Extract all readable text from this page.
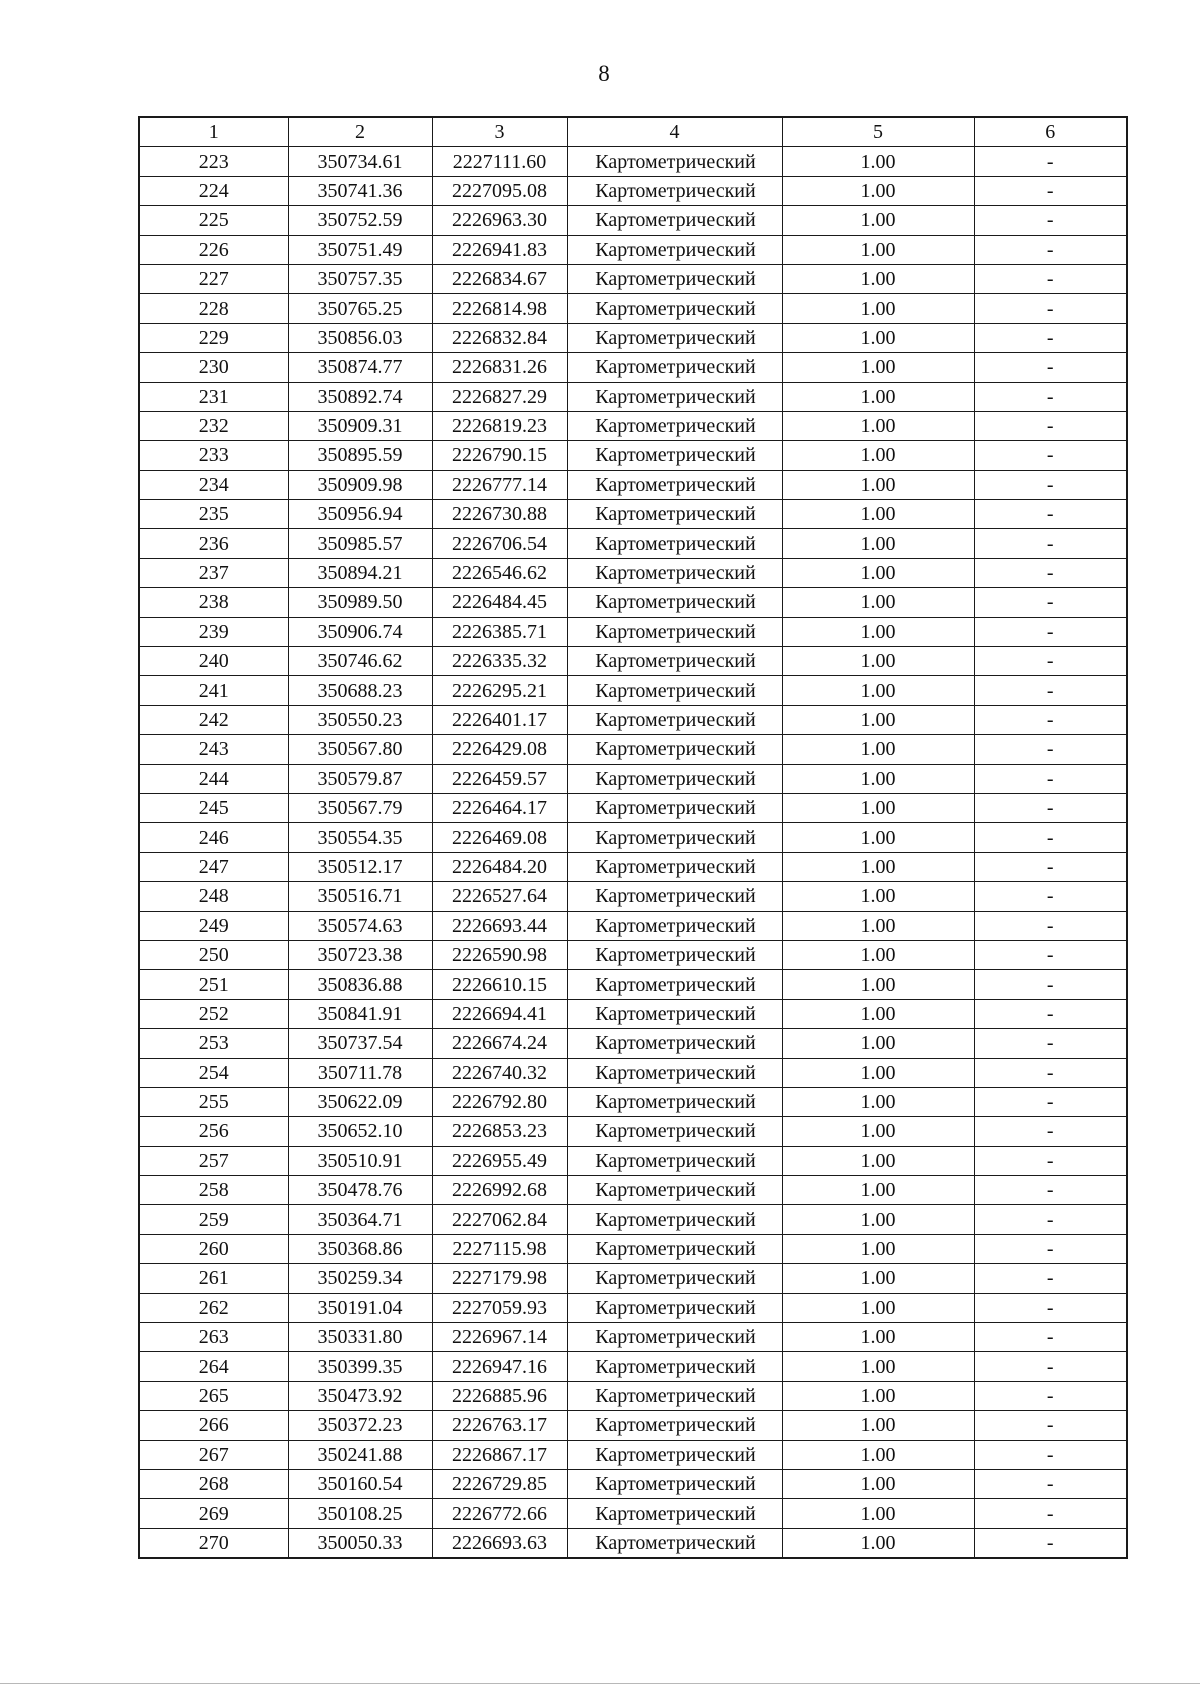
8
1	2	3	4	5	6
223	350734.61	2227111.60	Картометрический	1.00	-
224	350741.36	2227095.08	Картометрический	1.00	-
225	350752.59	2226963.30	Картометрический	1.00	-
226	350751.49	2226941.83	Картометрический	1.00	-
227	350757.35	2226834.67	Картометрический	1.00	-
228	350765.25	2226814.98	Картометрический	1.00	-
229	350856.03	2226832.84	Картометрический	1.00	-
230	350874.77	2226831.26	Картометрический	1.00	-
231	350892.74	2226827.29	Картометрический	1.00	-
232	350909.31	2226819.23	Картометрический	1.00	-
233	350895.59	2226790.15	Картометрический	1.00	-
234	350909.98	2226777.14	Картометрический	1.00	-
235	350956.94	2226730.88	Картометрический	1.00	-
236	350985.57	2226706.54	Картометрический	1.00	-
237	350894.21	2226546.62	Картометрический	1.00	-
238	350989.50	2226484.45	Картометрический	1.00	-
239	350906.74	2226385.71	Картометрический	1.00	-
240	350746.62	2226335.32	Картометрический	1.00	-
241	350688.23	2226295.21	Картометрический	1.00	-
242	350550.23	2226401.17	Картометрический	1.00	-
243	350567.80	2226429.08	Картометрический	1.00	-
244	350579.87	2226459.57	Картометрический	1.00	-
245	350567.79	2226464.17	Картометрический	1.00	-
246	350554.35	2226469.08	Картометрический	1.00	-
247	350512.17	2226484.20	Картометрический	1.00	-
248	350516.71	2226527.64	Картометрический	1.00	-
249	350574.63	2226693.44	Картометрический	1.00	-
250	350723.38	2226590.98	Картометрический	1.00	-
251	350836.88	2226610.15	Картометрический	1.00	-
252	350841.91	2226694.41	Картометрический	1.00	-
253	350737.54	2226674.24	Картометрический	1.00	-
254	350711.78	2226740.32	Картометрический	1.00	-
255	350622.09	2226792.80	Картометрический	1.00	-
256	350652.10	2226853.23	Картометрический	1.00	-
257	350510.91	2226955.49	Картометрический	1.00	-
258	350478.76	2226992.68	Картометрический	1.00	-
259	350364.71	2227062.84	Картометрический	1.00	-
260	350368.86	2227115.98	Картометрический	1.00	-
261	350259.34	2227179.98	Картометрический	1.00	-
262	350191.04	2227059.93	Картометрический	1.00	-
263	350331.80	2226967.14	Картометрический	1.00	-
264	350399.35	2226947.16	Картометрический	1.00	-
265	350473.92	2226885.96	Картометрический	1.00	-
266	350372.23	2226763.17	Картометрический	1.00	-
267	350241.88	2226867.17	Картометрический	1.00	-
268	350160.54	2226729.85	Картометрический	1.00	-
269	350108.25	2226772.66	Картометрический	1.00	-
270	350050.33	2226693.63	Картометрический	1.00	-
